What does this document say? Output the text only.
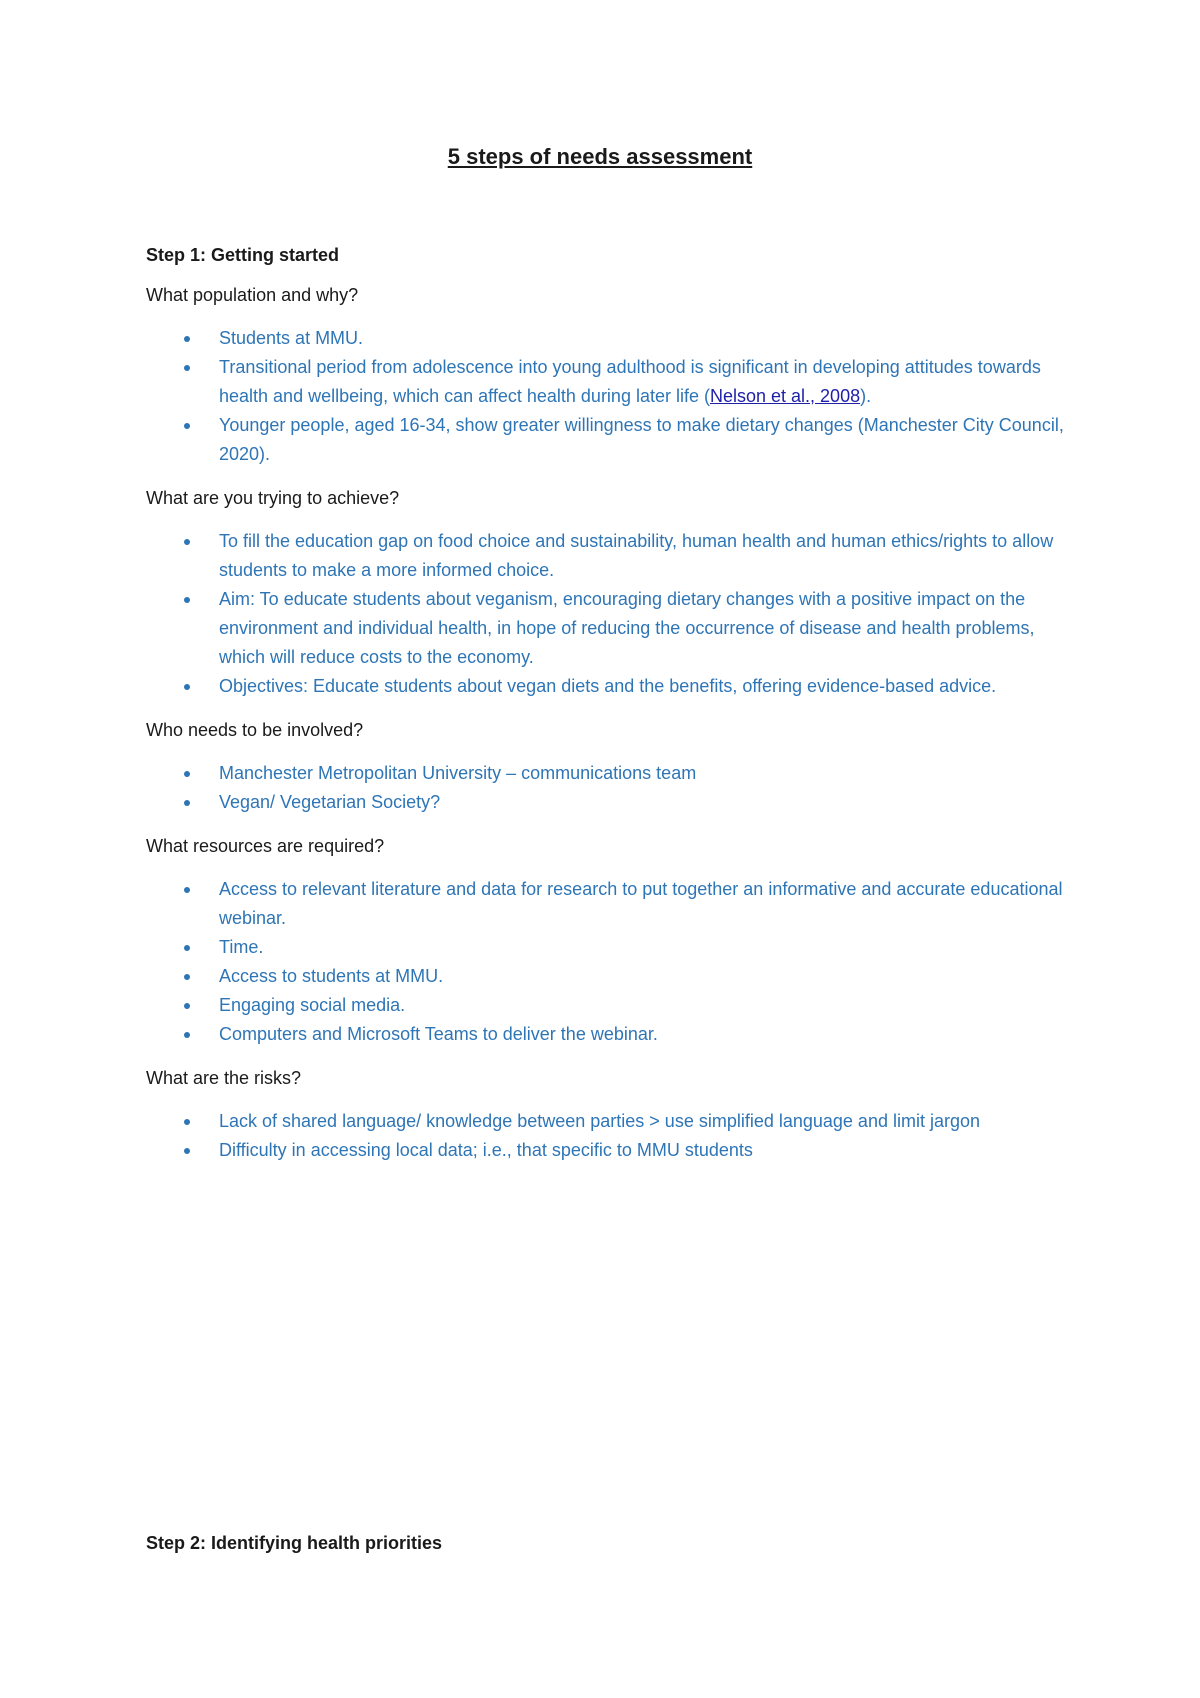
5 steps of needs assessment

Step 1: Getting started

What population and why?

Students at MMU.
Transitional period from adolescence into young adulthood is significant in developing attitudes towards health and wellbeing, which can affect health during later life (Nelson et al., 2008).
Younger people, aged 16-34, show greater willingness to make dietary changes (Manchester City Council, 2020).

What are you trying to achieve?

To fill the education gap on food choice and sustainability, human health and human ethics/rights to allow students to make a more informed choice.
Aim: To educate students about veganism, encouraging dietary changes with a positive impact on the environment and individual health, in hope of reducing the occurrence of disease and health problems, which will reduce costs to the economy.
Objectives: Educate students about vegan diets and the benefits, offering evidence-based advice.

Who needs to be involved?

Manchester Metropolitan University – communications team
Vegan/ Vegetarian Society?

What resources are required?

Access to relevant literature and data for research to put together an informative and accurate educational webinar.
Time.
Access to students at MMU.
Engaging social media.
Computers and Microsoft Teams to deliver the webinar.

What are the risks?

Lack of shared language/ knowledge between parties > use simplified language and limit jargon
Difficulty in accessing local data; i.e., that specific to MMU students

Step 2: Identifying health priorities
